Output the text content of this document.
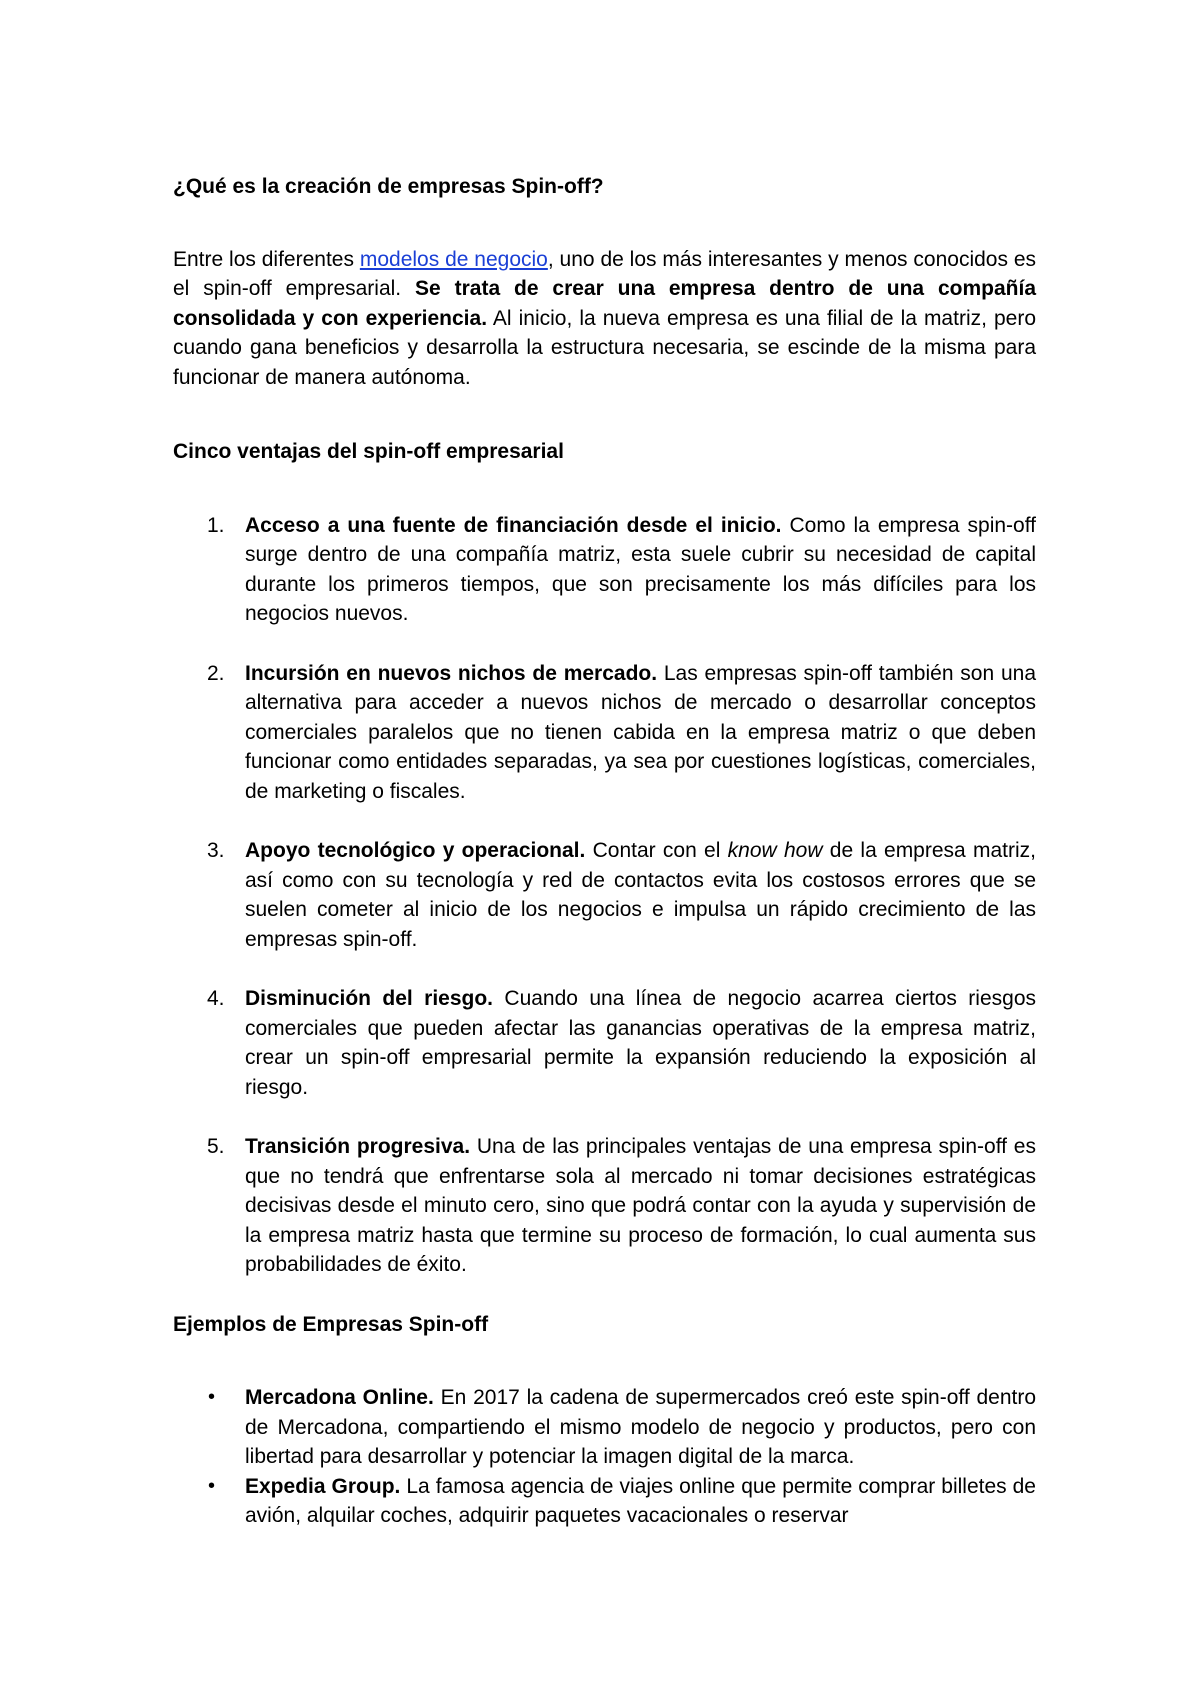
¿Qué es la creación de empresas Spin-off?

Entre los diferentes modelos de negocio, uno de los más interesantes y menos conocidos es el spin-off empresarial. Se trata de crear una empresa dentro de una compañía consolidada y con experiencia. Al inicio, la nueva empresa es una filial de la matriz, pero cuando gana beneficios y desarrolla la estructura necesaria, se escinde de la misma para funcionar de manera autónoma.

Cinco ventajas del spin-off empresarial

1. Acceso a una fuente de financiación desde el inicio. Como la empresa spin-off surge dentro de una compañía matriz, esta suele cubrir su necesidad de capital durante los primeros tiempos, que son precisamente los más difíciles para los negocios nuevos.
2. Incursión en nuevos nichos de mercado. Las empresas spin-off también son una alternativa para acceder a nuevos nichos de mercado o desarrollar conceptos comerciales paralelos que no tienen cabida en la empresa matriz o que deben funcionar como entidades separadas, ya sea por cuestiones logísticas, comerciales, de marketing o fiscales.
3. Apoyo tecnológico y operacional. Contar con el know how de la empresa matriz, así como con su tecnología y red de contactos evita los costosos errores que se suelen cometer al inicio de los negocios e impulsa un rápido crecimiento de las empresas spin-off.
4. Disminución del riesgo. Cuando una línea de negocio acarrea ciertos riesgos comerciales que pueden afectar las ganancias operativas de la empresa matriz, crear un spin-off empresarial permite la expansión reduciendo la exposición al riesgo.
5. Transición progresiva. Una de las principales ventajas de una empresa spin-off es que no tendrá que enfrentarse sola al mercado ni tomar decisiones estratégicas decisivas desde el minuto cero, sino que podrá contar con la ayuda y supervisión de la empresa matriz hasta que termine su proceso de formación, lo cual aumenta sus probabilidades de éxito.

Ejemplos de Empresas Spin-off

• Mercadona Online. En 2017 la cadena de supermercados creó este spin-off dentro de Mercadona, compartiendo el mismo modelo de negocio y productos, pero con libertad para desarrollar y potenciar la imagen digital de la marca.
• Expedia Group. La famosa agencia de viajes online que permite comprar billetes de avión, alquilar coches, adquirir paquetes vacacionales o reservar
